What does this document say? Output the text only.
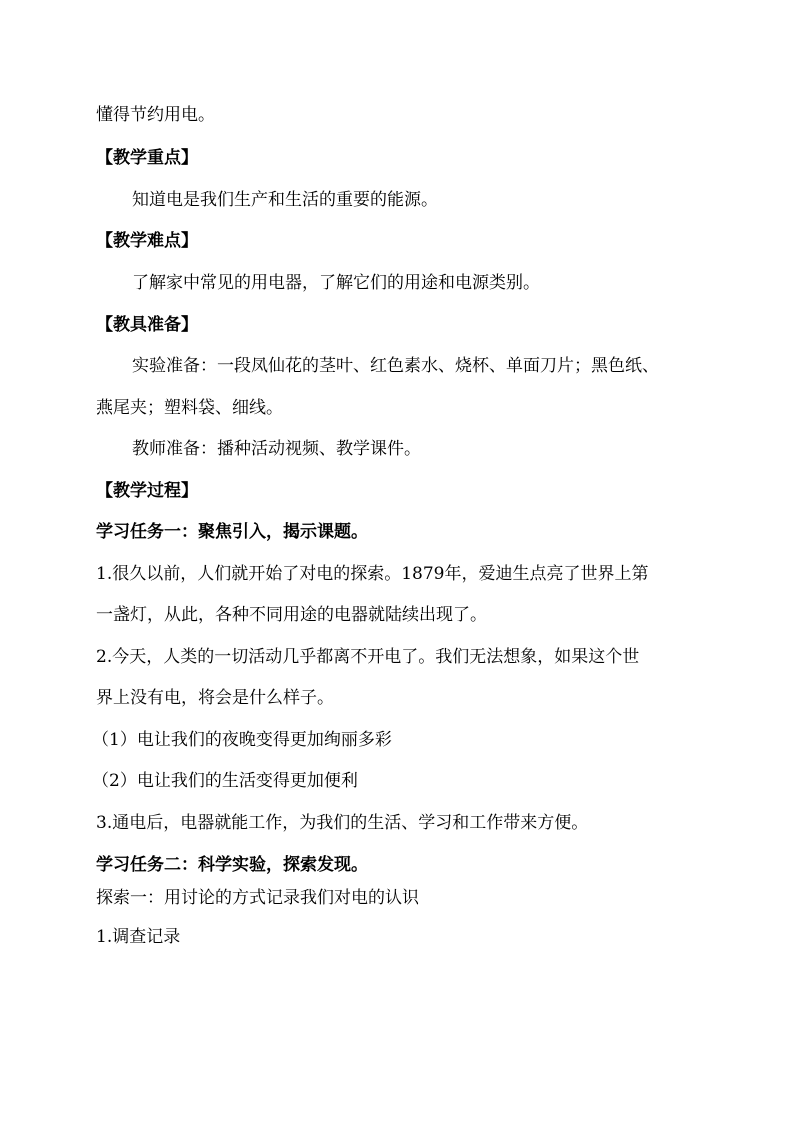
懂得节约用电。

【教学重点】

知道电是我们生产和生活的重要的能源。

【教学难点】

了解家中常见的用电器，了解它们的用途和电源类别。

【教具准备】

实验准备：一段凤仙花的茎叶、红色素水、烧杯、单面刀片；黑色纸、

燕尾夹；塑料袋、细线。

教师准备：播种活动视频、教学课件。

【教学过程】

学习任务一：聚焦引入，揭示课题。

1.很久以前，人们就开始了对电的探索。1879年，爱迪生点亮了世界上第

一盏灯，从此，各种不同用途的电器就陆续出现了。

2.今天，人类的一切活动几乎都离不开电了。我们无法想象，如果这个世

界上没有电，将会是什么样子。

（1）电让我们的夜晚变得更加绚丽多彩

（2）电让我们的生活变得更加便利

3.通电后，电器就能工作，为我们的生活、学习和工作带来方便。

学习任务二：科学实验，探索发现。

探索一：用讨论的方式记录我们对电的认识

1.调查记录
